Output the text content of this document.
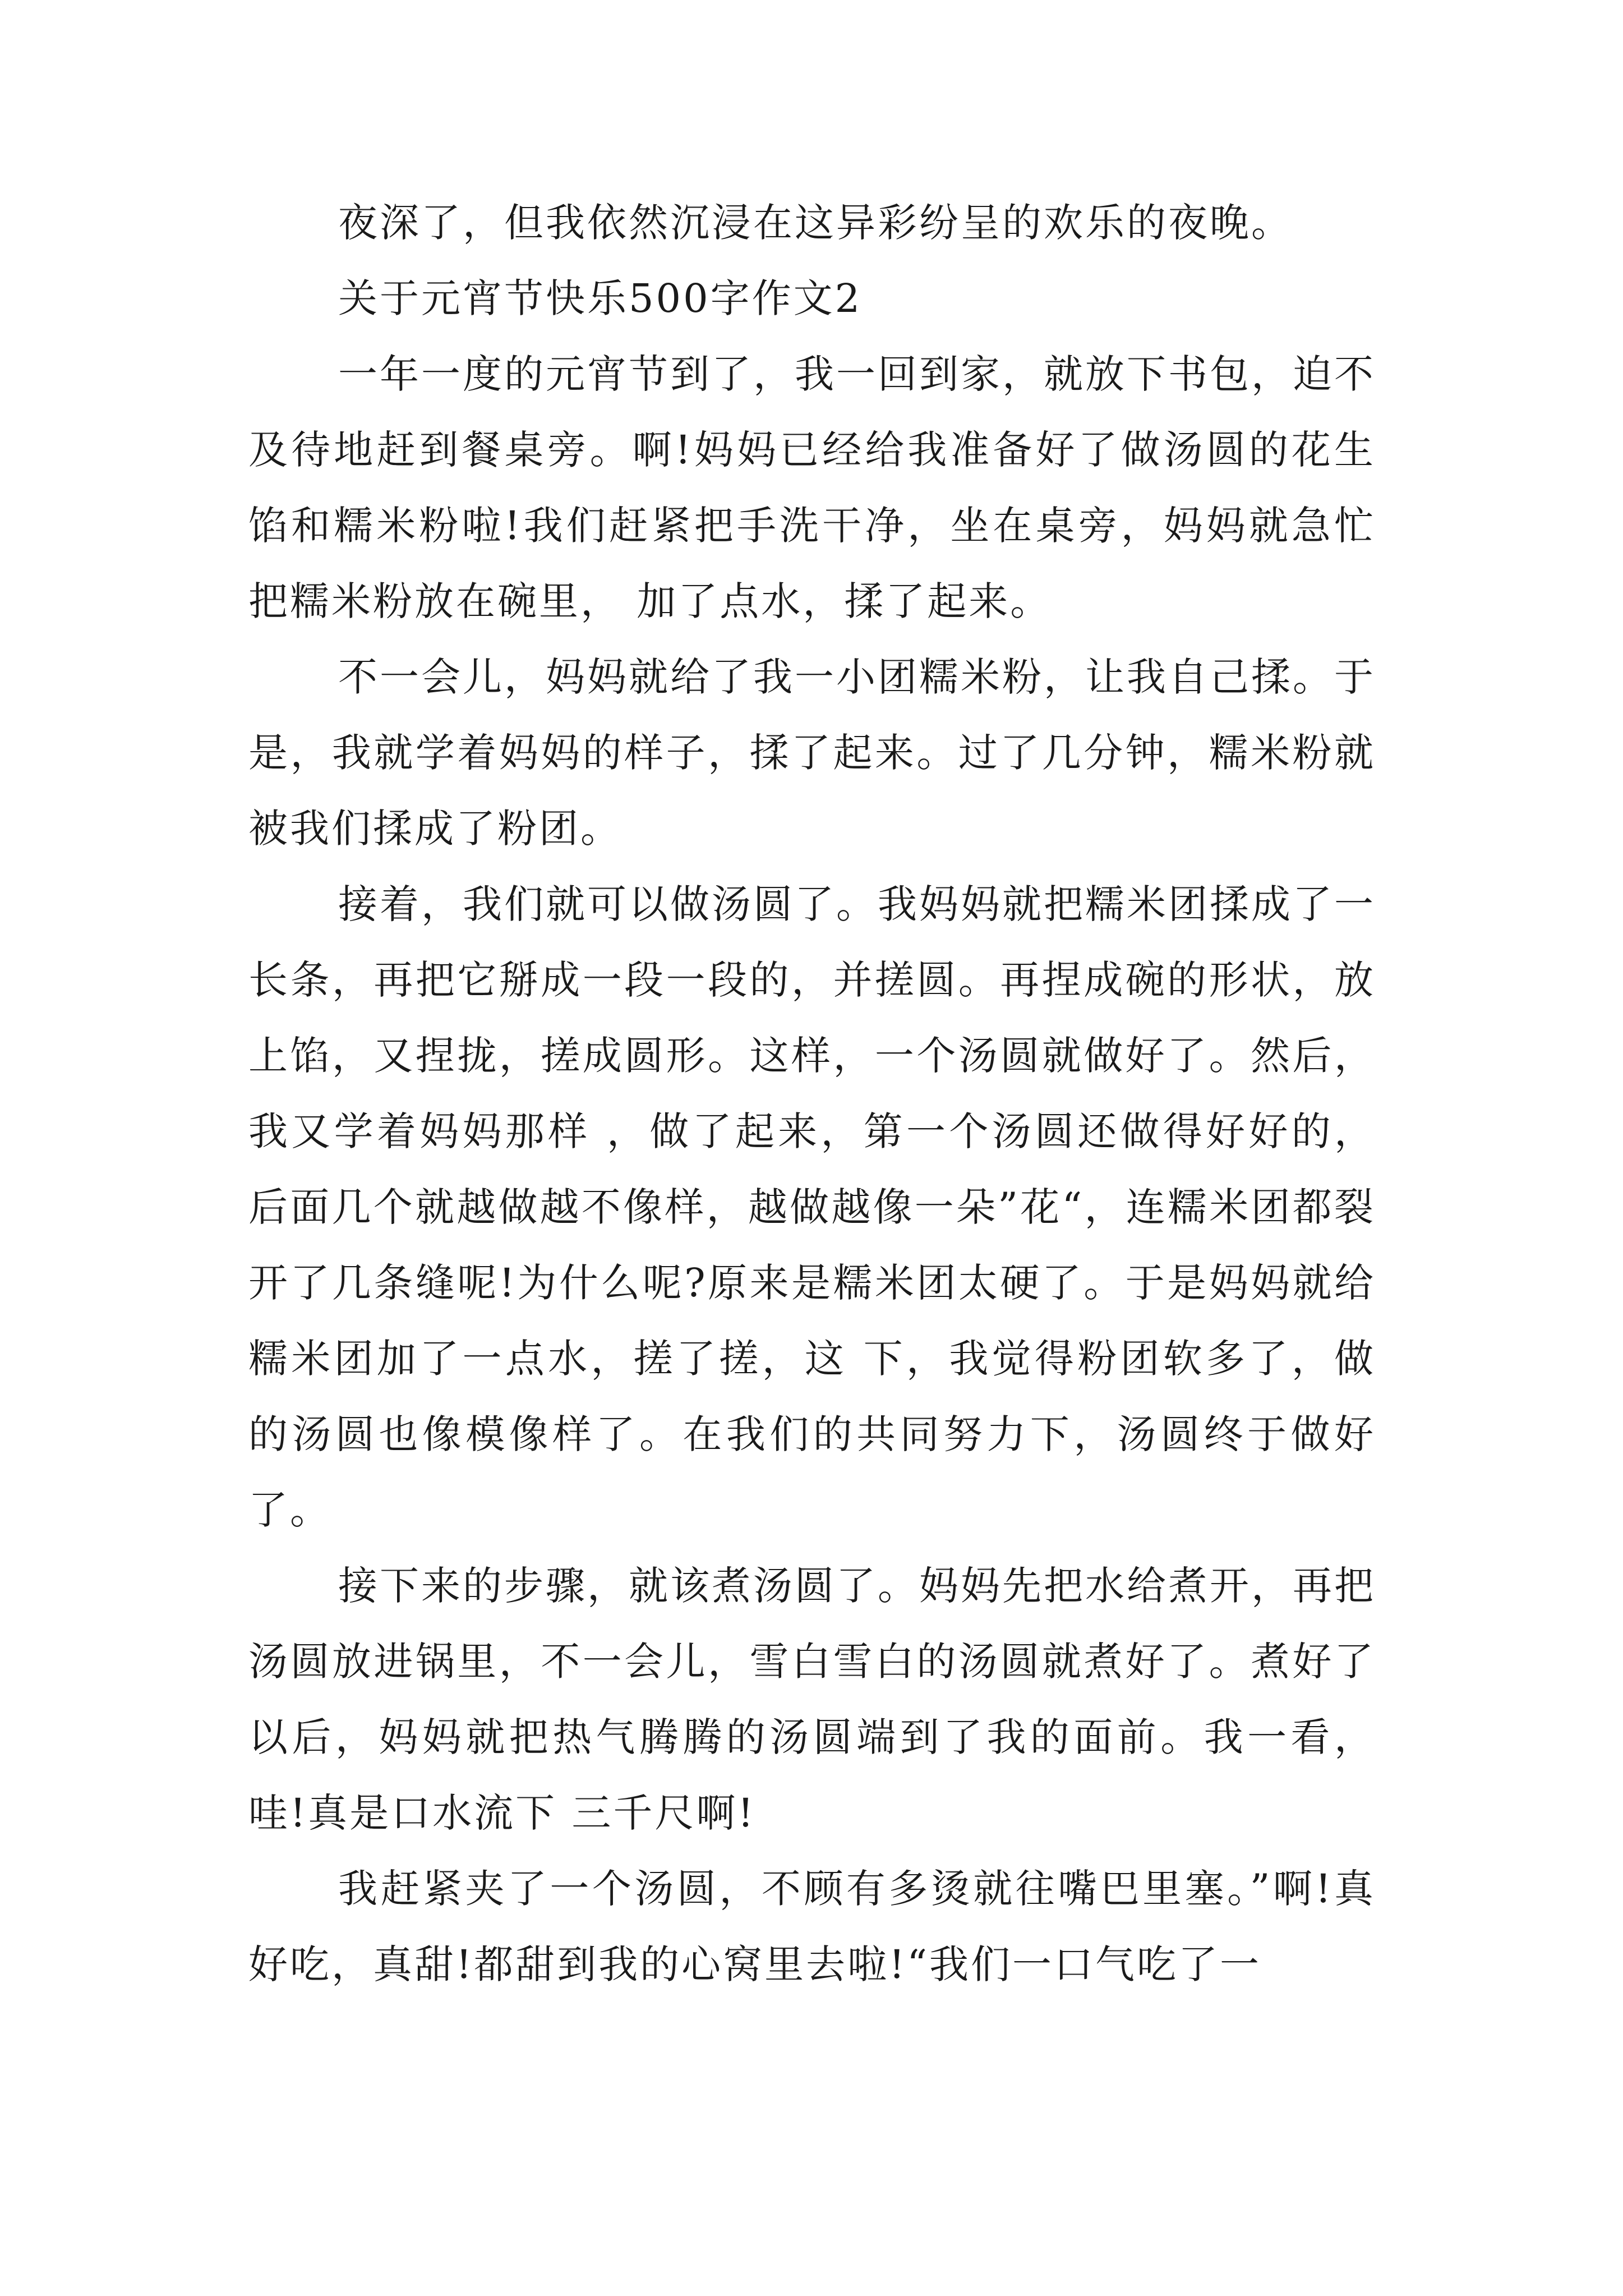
夜深了，但我依然沉浸在这异彩纷呈的欢乐的夜晚。

关于元宵节快乐500字作文2

一年一度的元宵节到了，我一回到家，就放下书包，迫不及待地赶到餐桌旁。啊!妈妈已经给我准备好了做汤圆的花生馅和糯米粉啦!我们赶紧把手洗干净，坐在桌旁，妈妈就急忙把糯米粉放在碗里， 加了点水，揉了起来。

不一会儿，妈妈就给了我一小团糯米粉，让我自己揉。于是，我就学着妈妈的样子，揉了起来。过了几分钟，糯米粉就被我们揉成了粉团。

接着，我们就可以做汤圆了。我妈妈就把糯米团揉成了一长条，再把它掰成一段一段的，并搓圆。再捏成碗的形状，放上馅，又捏拢，搓成圆形。这样，一个汤圆就做好了。然后，我又学着妈妈那样 ，做了起来，第一个汤圆还做得好好的，后面几个就越做越不像样，越做越像一朵”花“，连糯米团都裂开了几条缝呢!为什么呢?原来是糯米团太硬了。于是妈妈就给糯米团加了一点水，搓了搓，这 下，我觉得粉团软多了，做的汤圆也像模像样了。在我们的共同努力下，汤圆终于做好了。

接下来的步骤，就该煮汤圆了。妈妈先把水给煮开，再把汤圆放进锅里，不一会儿，雪白雪白的汤圆就煮好了。煮好了以后，妈妈就把热气腾腾的汤圆端到了我的面前。我一看，哇!真是口水流下 三千尺啊!

我赶紧夹了一个汤圆，不顾有多烫就往嘴巴里塞。”啊!真好吃，真甜!都甜到我的心窝里去啦!“我们一口气吃了一
